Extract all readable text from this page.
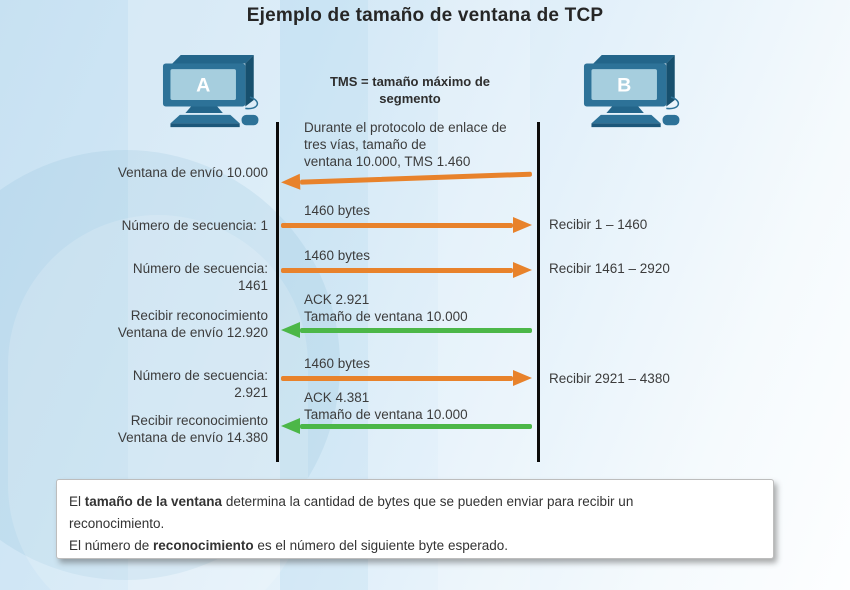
Ejemplo de tamaño de ventana de TCP
A	B
TMS = tamaño máximo de
segmento
Durante el protocolo de enlace de
tres vías, tamaño de
ventana 10.000, TMS 1.460
1460 bytes
1460 bytes
ACK 2.921
Tamaño de ventana 10.000
1460 bytes
ACK 4.381
Tamaño de ventana 10.000
Ventana de envío 10.000
Número de secuencia: 1
Número de secuencia:
1461
Recibir reconocimiento
Ventana de envío 12.920
Número de secuencia:
2.921
Recibir reconocimiento
Ventana de envío 14.380
Recibir 1 – 1460
Recibir 1461 – 2920
Recibir 2921 – 4380
El tamaño de la ventana determina la cantidad de bytes que se pueden enviar para recibir un
reconocimiento.
El número de reconocimiento es el número del siguiente byte esperado.
